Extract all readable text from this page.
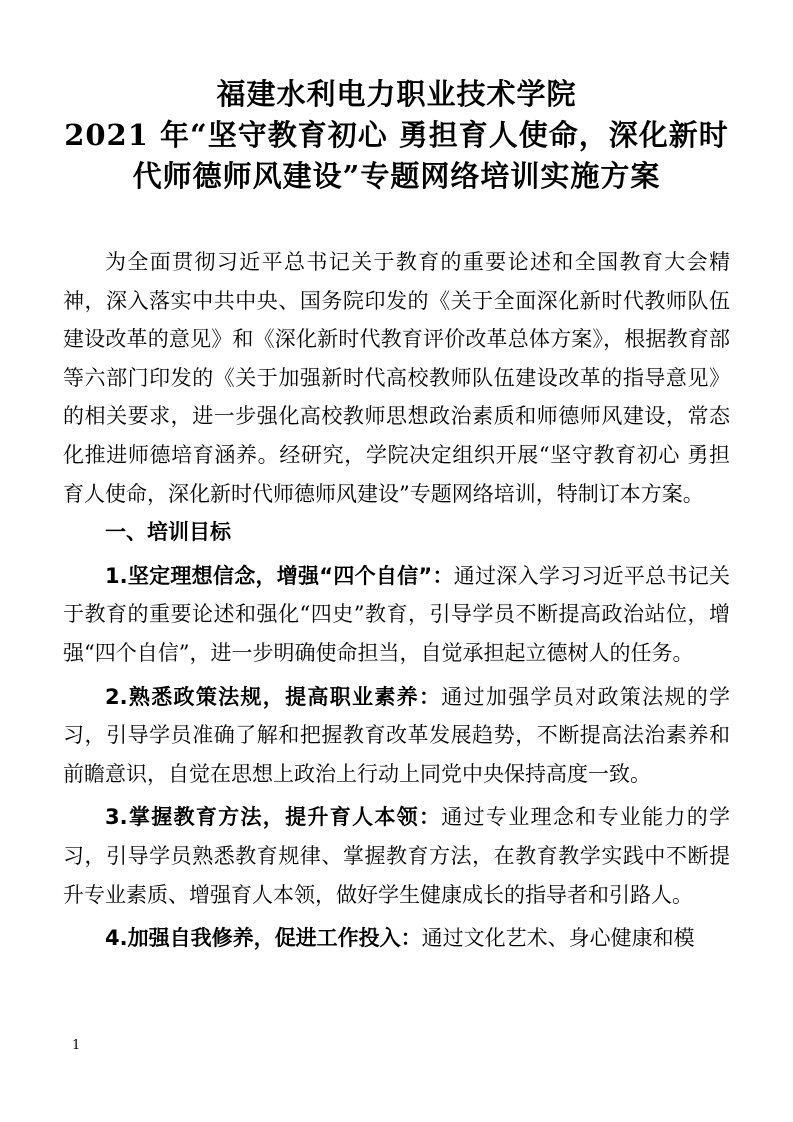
福建水利电力职业技术学院
2021 年“坚守教育初心 勇担育人使命，深化新时
代师德师风建设”专题网络培训实施方案

为全面贯彻习近平总书记关于教育的重要论述和全国教育大会精神，深入落实中共中央、国务院印发的《关于全面深化新时代教师队伍建设改革的意见》和《深化新时代教育评价改革总体方案》，根据教育部等六部门印发的《关于加强新时代高校教师队伍建设改革的指导意见》的相关要求，进一步强化高校教师思想政治素质和师德师风建设，常态化推进师德培育涵养。经研究，学院决定组织开展“坚守教育初心 勇担育人使命，深化新时代师德师风建设”专题网络培训，特制订本方案。

一、培训目标

1.坚定理想信念，增强“四个自信”：通过深入学习习近平总书记关于教育的重要论述和强化“四史”教育，引导学员不断提高政治站位，增强“四个自信”，进一步明确使命担当，自觉承担起立德树人的任务。

2.熟悉政策法规，提高职业素养：通过加强学员对政策法规的学习，引导学员准确了解和把握教育改革发展趋势，不断提高法治素养和前瞻意识，自觉在思想上政治上行动上同党中央保持高度一致。

3.掌握教育方法，提升育人本领：通过专业理念和专业能力的学习，引导学员熟悉教育规律、掌握教育方法，在教育教学实践中不断提升专业素质、增强育人本领，做好学生健康成长的指导者和引路人。

4.加强自我修养，促进工作投入：通过文化艺术、身心健康和模

1
